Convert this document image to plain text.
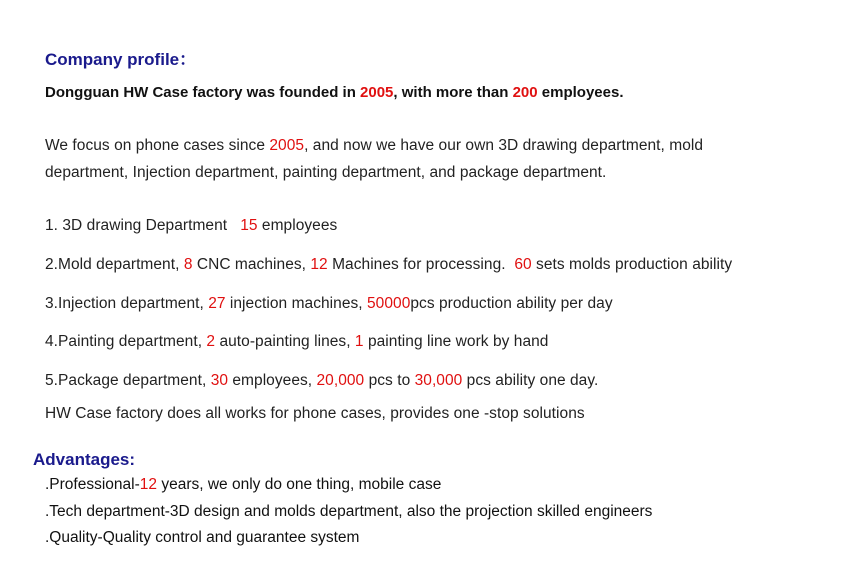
Company profile：
Dongguan HW Case factory was founded in 2005, with more than 200 employees.
We focus on phone cases since 2005, and now we have our own 3D drawing department, mold
department, Injection department, painting department, and package department.
1. 3D drawing Department   15 employees
2.Mold department, 8 CNC machines, 12 Machines for processing.  60 sets molds production ability
3.Injection department, 27 injection machines, 50000pcs production ability per day
4.Painting department, 2 auto-painting lines, 1 painting line work by hand
5.Package department, 30 employees, 20,000 pcs to 30,000 pcs ability one day.
HW Case factory does all works for phone cases, provides one -stop solutions
Advantages:
.Professional-12 years, we only do one thing, mobile case
.Tech department-3D design and molds department, also the projection skilled engineers
.Quality-Quality control and guarantee system
